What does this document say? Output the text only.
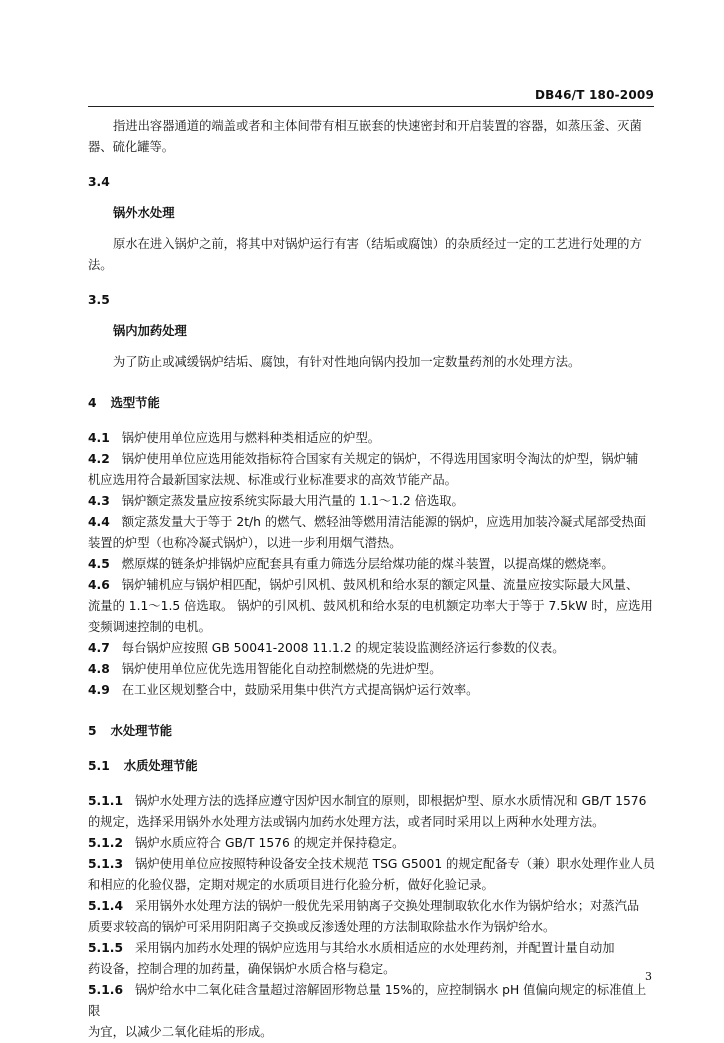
DB46/T 180-2009

指进出容器通道的端盖或者和主体间带有相互嵌套的快速密封和开启装置的容器，如蒸压釜、灭菌

器、硫化罐等。

3.4

锅外水处理

原水在进入锅炉之前，将其中对锅炉运行有害（结垢或腐蚀）的杂质经过一定的工艺进行处理的方

法。

3.5

锅内加药处理

为了防止或减缓锅炉结垢、腐蚀，有针对性地向锅内投加一定数量药剂的水处理方法。

4 选型节能

4.1 锅炉使用单位应选用与燃料种类相适应的炉型。

4.2 锅炉使用单位应选用能效指标符合国家有关规定的锅炉，不得选用国家明令淘汰的炉型，锅炉辅

机应选用符合最新国家法规、标准或行业标准要求的高效节能产品。

4.3 锅炉额定蒸发量应按系统实际最大用汽量的 1.1～1.2 倍选取。

4.4 额定蒸发量大于等于 2t/h 的燃气、燃轻油等燃用清洁能源的锅炉，应选用加装冷凝式尾部受热面

装置的炉型（也称冷凝式锅炉），以进一步利用烟气潜热。

4.5 燃原煤的链条炉排锅炉应配套具有重力筛选分层给煤功能的煤斗装置，以提高煤的燃烧率。

4.6 锅炉辅机应与锅炉相匹配，锅炉引风机、鼓风机和给水泵的额定风量、流量应按实际最大风量、

流量的 1.1～1.5 倍选取。 锅炉的引风机、鼓风机和给水泵的电机额定功率大于等于 7.5kW 时，应选用

变频调速控制的电机。

4.7 每台锅炉应按照 GB 50041-2008 11.1.2 的规定装设监测经济运行参数的仪表。

4.8 锅炉使用单位应优先选用智能化自动控制燃烧的先进炉型。

4.9 在工业区规划整合中，鼓励采用集中供汽方式提高锅炉运行效率。

5 水处理节能

5.1 水质处理节能

5.1.1 锅炉水处理方法的选择应遵守因炉因水制宜的原则，即根据炉型、原水水质情况和 GB/T 1576

的规定，选择采用锅外水处理方法或锅内加药水处理方法，或者同时采用以上两种水处理方法。

5.1.2 锅炉水质应符合 GB/T 1576 的规定并保持稳定。

5.1.3 锅炉使用单位应按照特种设备安全技术规范 TSG G5001 的规定配备专（兼）职水处理作业人员

和相应的化验仪器，定期对规定的水质项目进行化验分析，做好化验记录。

5.1.4 采用锅外水处理方法的锅炉一般优先采用钠离子交换处理制取软化水作为锅炉给水；对蒸汽品

质要求较高的锅炉可采用阴阳离子交换或反渗透处理的方法制取除盐水作为锅炉给水。

5.1.5 采用锅内加药水处理的锅炉应选用与其给水水质相适应的水处理药剂，并配置计量自动加

药设备，控制合理的加药量，确保锅炉水质合格与稳定。

5.1.6 锅炉给水中二氧化硅含量超过溶解固形物总量 15%的，应控制锅水 pH 值偏向规定的标准值上限

为宜，以减少二氧化硅垢的形成。

3
